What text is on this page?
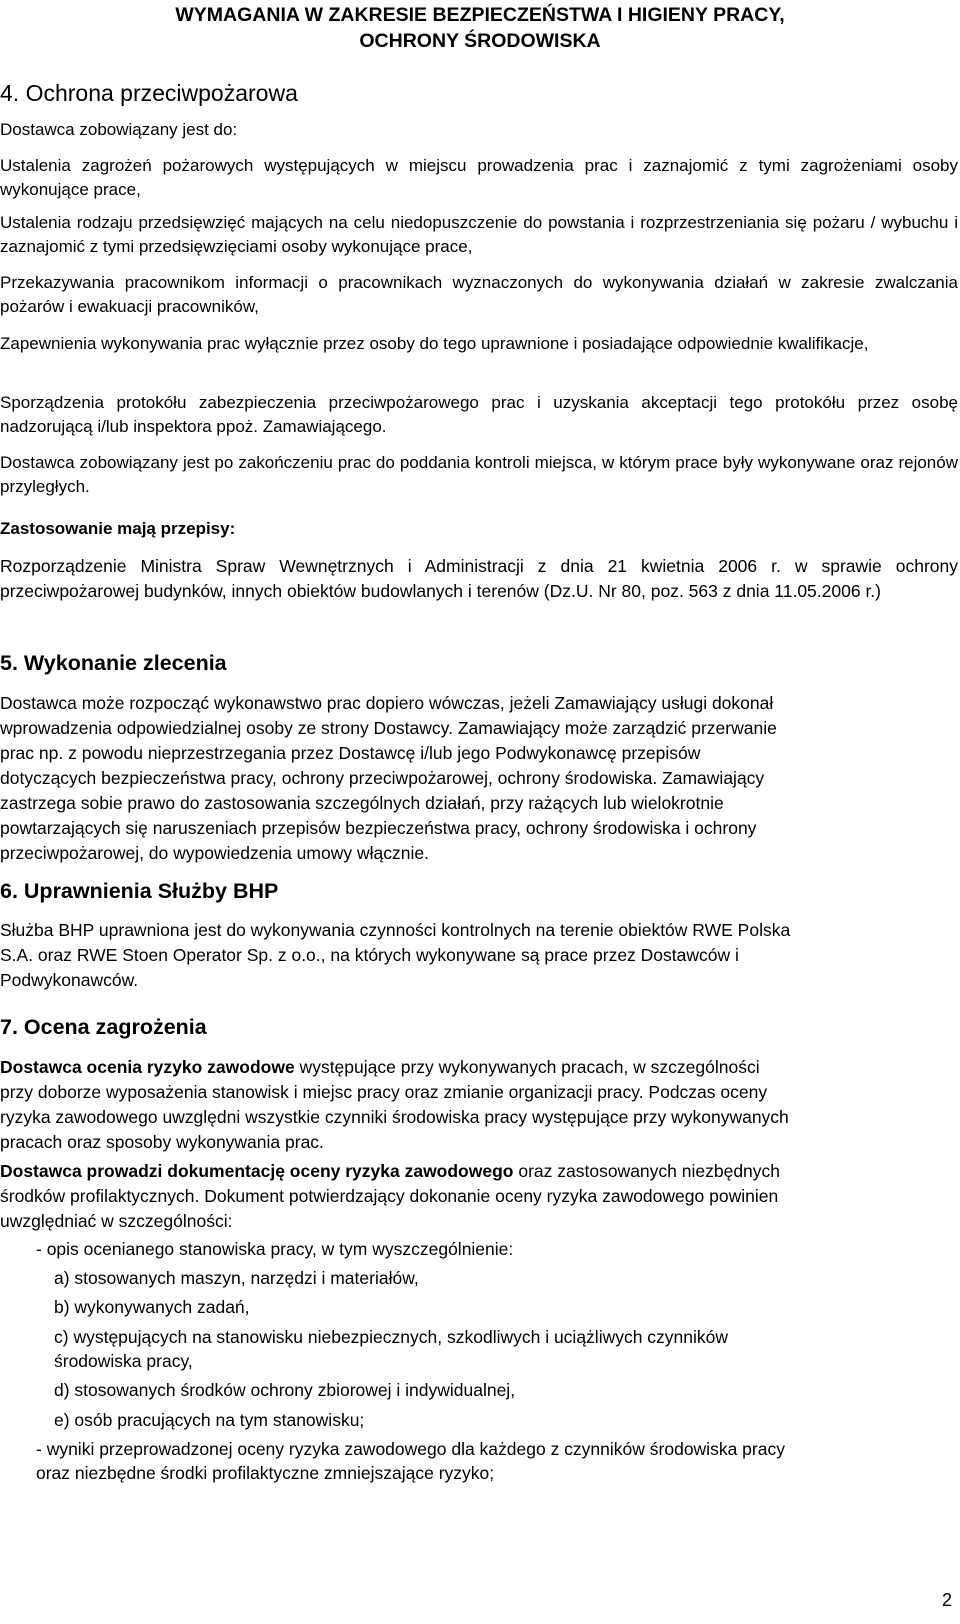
WYMAGANIA W ZAKRESIE BEZPIECZEŃSTWA I HIGIENY PRACY,
OCHRONY ŚRODOWISKA
4. Ochrona przeciwpożarowa

Dostawca zobowiązany jest do:

Ustalenia zagrożeń pożarowych występujących w miejscu prowadzenia prac i zaznajomić z tymi zagrożeniami osoby wykonujące prace,

Ustalenia rodzaju przedsięwzięć mających na celu niedopuszczenie do powstania i rozprzestrzeniania się pożaru / wybuchu i zaznajomić z tymi przedsięwzięciami osoby wykonujące prace,

Przekazywania pracownikom informacji o pracownikach wyznaczonych do wykonywania działań w zakresie zwalczania pożarów i ewakuacji pracowników,

Zapewnienia wykonywania prac wyłącznie przez osoby do tego uprawnione i posiadające odpowiednie kwalifikacje,

Sporządzenia protokółu zabezpieczenia przeciwpożarowego prac i uzyskania akceptacji tego protokółu przez osobę nadzorującą i/lub inspektora ppoż. Zamawiającego.

Dostawca zobowiązany jest po zakończeniu prac do poddania kontroli miejsca, w którym prace były wykonywane oraz rejonów przyległych.

Zastosowanie mają przepisy:

Rozporządzenie Ministra Spraw Wewnętrznych i Administracji z dnia 21 kwietnia 2006 r. w sprawie ochrony przeciwpożarowej budynków, innych obiektów budowlanych i terenów (Dz.U. Nr 80, poz. 563 z dnia 11.05.2006 r.)

5. Wykonanie zlecenia
Dostawca może rozpocząć wykonawstwo prac dopiero wówczas, jeżeli Zamawiający usługi dokonał
wprowadzenia odpowiedzialnej osoby ze strony Dostawcy. Zamawiający może zarządzić przerwanie
prac np. z powodu nieprzestrzegania przez Dostawcę i/lub jego Podwykonawcę przepisów
dotyczących bezpieczeństwa pracy, ochrony przeciwpożarowej, ochrony środowiska. Zamawiający
zastrzega sobie prawo do zastosowania szczególnych działań, przy rażących lub wielokrotnie
powtarzających się naruszeniach przepisów bezpieczeństwa pracy, ochrony środowiska i ochrony
przeciwpożarowej, do wypowiedzenia umowy włącznie.
6. Uprawnienia Służby BHP
Służba BHP uprawniona jest do wykonywania czynności kontrolnych na terenie obiektów RWE Polska
S.A. oraz RWE Stoen Operator Sp. z o.o., na których wykonywane są prace przez Dostawców i
Podwykonawców.
7. Ocena zagrożenia
Dostawca ocenia ryzyko zawodowe występujące przy wykonywanych pracach, w szczególności
przy doborze wyposażenia stanowisk i miejsc pracy oraz zmianie organizacji pracy. Podczas oceny
ryzyka zawodowego uwzględni wszystkie czynniki środowiska pracy występujące przy wykonywanych
pracach oraz sposoby wykonywania prac.
Dostawca prowadzi dokumentację oceny ryzyka zawodowego oraz zastosowanych niezbędnych
środków profilaktycznych. Dokument potwierdzający dokonanie oceny ryzyka zawodowego powinien
uwzględniać w szczególności:
- opis ocenianego stanowiska pracy, w tym wyszczególnienie:
a) stosowanych maszyn, narzędzi i materiałów,
b) wykonywanych zadań,
c) występujących na stanowisku niebezpiecznych, szkodliwych i uciążliwych czynników
środowiska pracy,
d) stosowanych środków ochrony zbiorowej i indywidualnej,
e) osób pracujących na tym stanowisku;
- wyniki przeprowadzonej oceny ryzyka zawodowego dla każdego z czynników środowiska pracy
oraz niezbędne środki profilaktyczne zmniejszające ryzyko;
2
